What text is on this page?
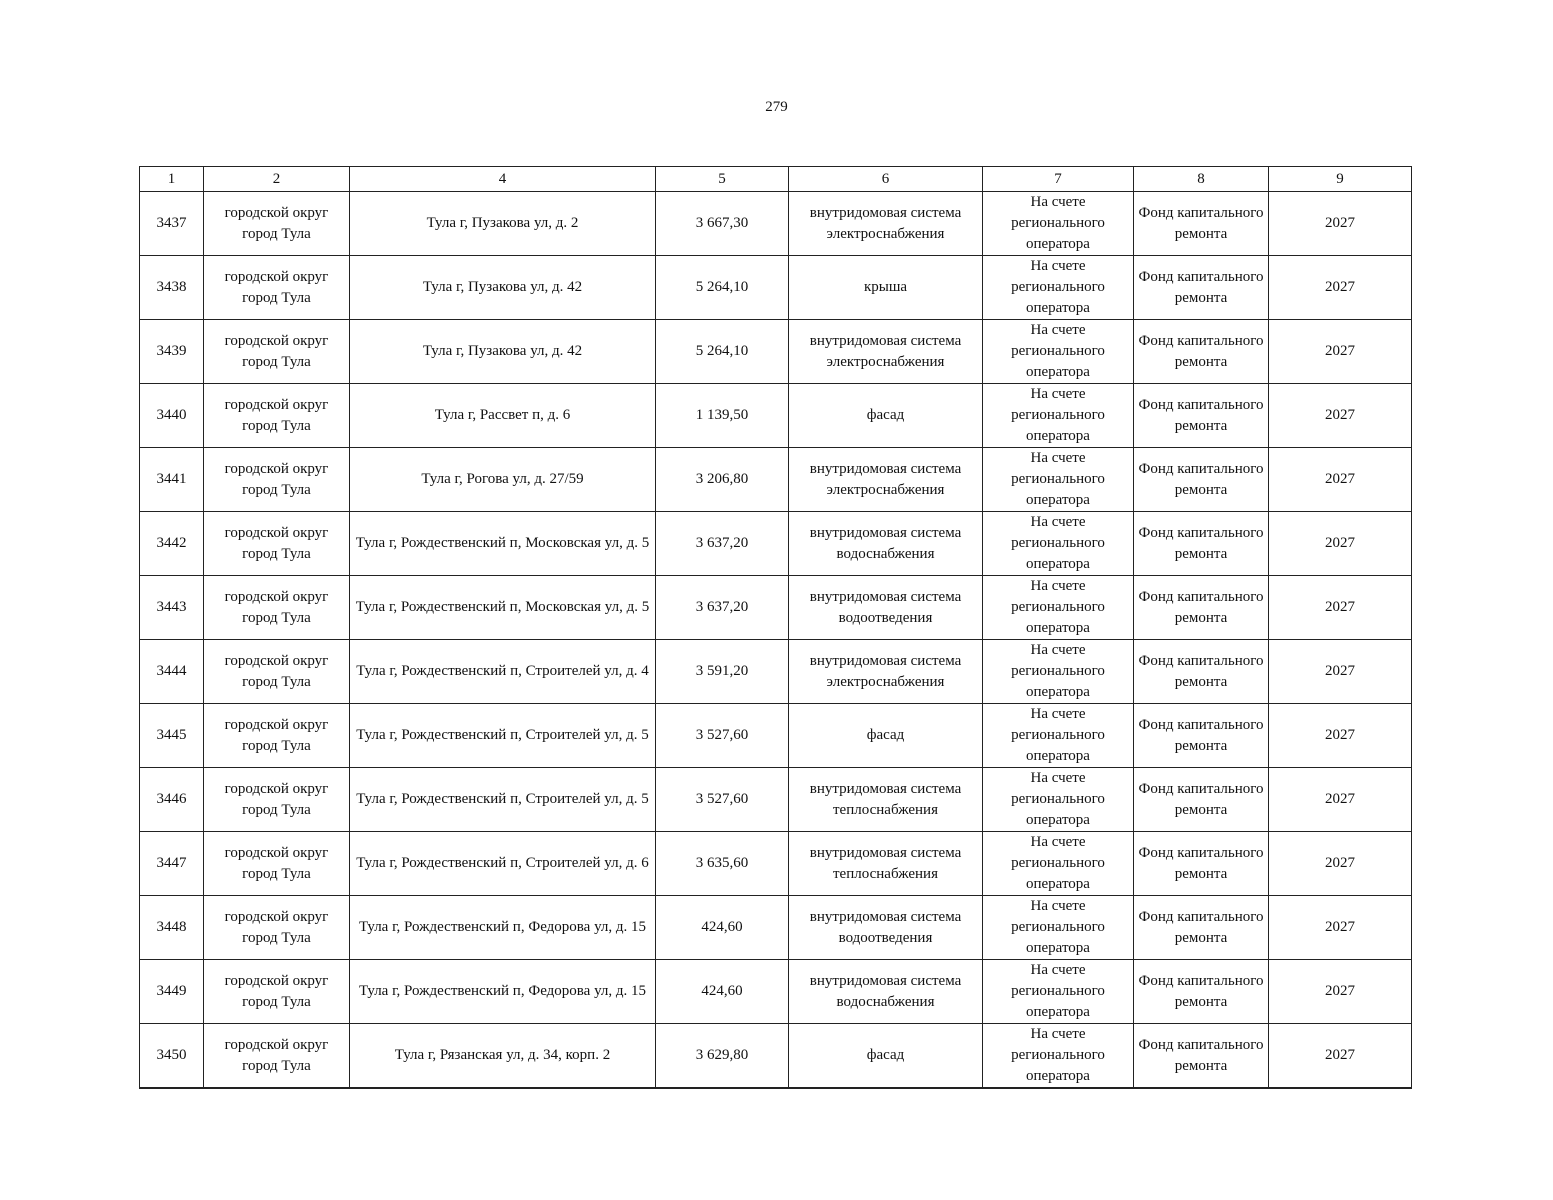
279
1	2	4	5	6	7	8	9
3437	городской округ город Тула	Тула г, Пузакова ул, д. 2	3 667,30	внутридомовая система электроснабжения	На счете регионального оператора	Фонд капитального ремонта	2027
3438	городской округ город Тула	Тула г, Пузакова ул, д. 42	5 264,10	крыша	На счете регионального оператора	Фонд капитального ремонта	2027
3439	городской округ город Тула	Тула г, Пузакова ул, д. 42	5 264,10	внутридомовая система электроснабжения	На счете регионального оператора	Фонд капитального ремонта	2027
3440	городской округ город Тула	Тула г, Рассвет п, д. 6	1 139,50	фасад	На счете регионального оператора	Фонд капитального ремонта	2027
3441	городской округ город Тула	Тула г, Рогова ул, д. 27/59	3 206,80	внутридомовая система электроснабжения	На счете регионального оператора	Фонд капитального ремонта	2027
3442	городской округ город Тула	Тула г, Рождественский п, Московская ул, д. 5	3 637,20	внутридомовая система водоснабжения	На счете регионального оператора	Фонд капитального ремонта	2027
3443	городской округ город Тула	Тула г, Рождественский п, Московская ул, д. 5	3 637,20	внутридомовая система водоотведения	На счете регионального оператора	Фонд капитального ремонта	2027
3444	городской округ город Тула	Тула г, Рождественский п, Строителей ул, д. 4	3 591,20	внутридомовая система электроснабжения	На счете регионального оператора	Фонд капитального ремонта	2027
3445	городской округ город Тула	Тула г, Рождественский п, Строителей ул, д. 5	3 527,60	фасад	На счете регионального оператора	Фонд капитального ремонта	2027
3446	городской округ город Тула	Тула г, Рождественский п, Строителей ул, д. 5	3 527,60	внутридомовая система теплоснабжения	На счете регионального оператора	Фонд капитального ремонта	2027
3447	городской округ город Тула	Тула г, Рождественский п, Строителей ул, д. 6	3 635,60	внутридомовая система теплоснабжения	На счете регионального оператора	Фонд капитального ремонта	2027
3448	городской округ город Тула	Тула г, Рождественский п, Федорова ул, д. 15	424,60	внутридомовая система водоотведения	На счете регионального оператора	Фонд капитального ремонта	2027
3449	городской округ город Тула	Тула г, Рождественский п, Федорова ул, д. 15	424,60	внутридомовая система водоснабжения	На счете регионального оператора	Фонд капитального ремонта	2027
3450	городской округ город Тула	Тула г, Рязанская ул, д. 34, корп. 2	3 629,80	фасад	На счете регионального оператора	Фонд капитального ремонта	2027
